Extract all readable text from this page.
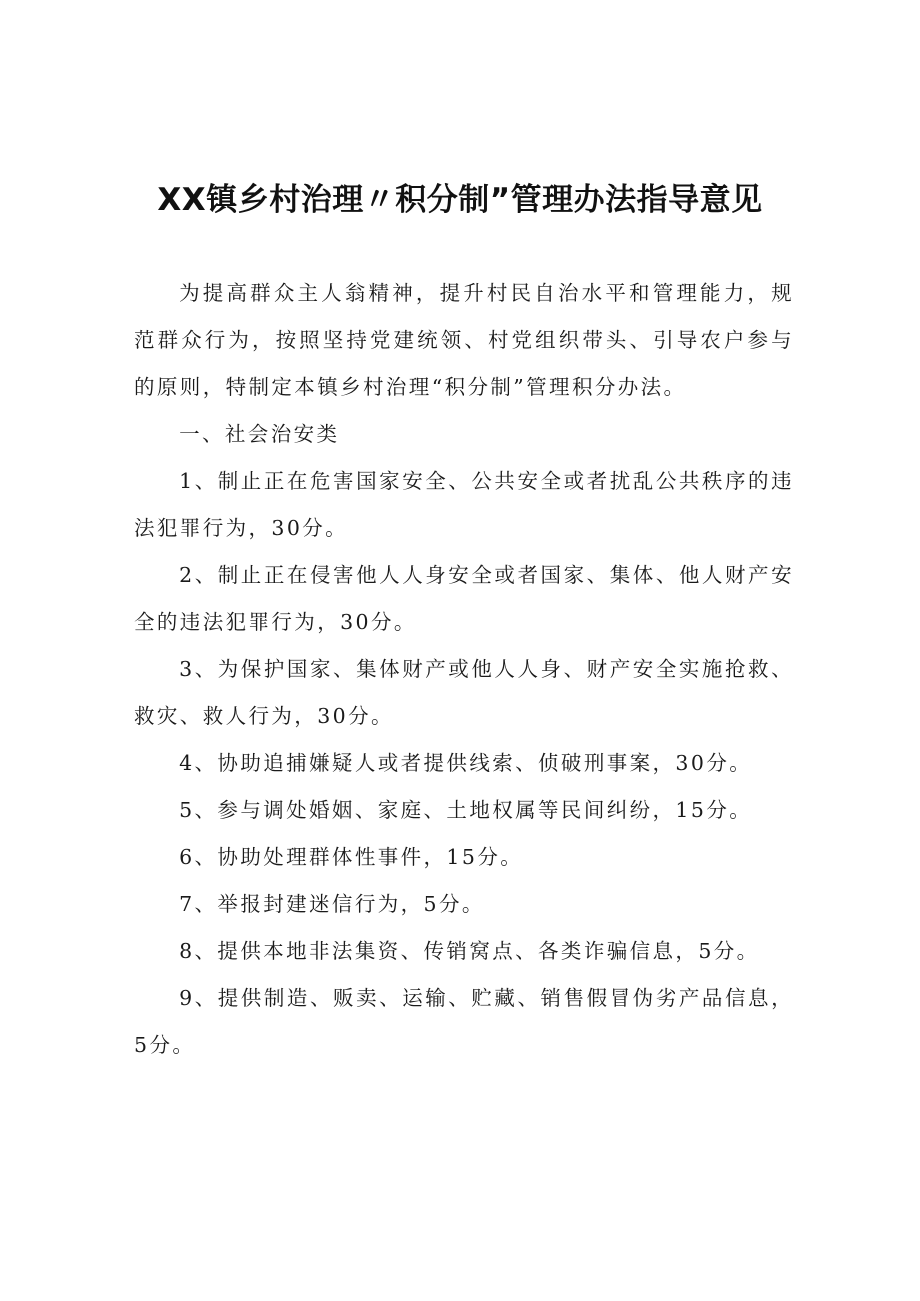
XX镇乡村治理〃积分制”管理办法指导意见

为提高群众主人翁精神，提升村民自治水平和管理能力，规范群众行为，按照坚持党建统领、村党组织带头、引导农户参与的原则，特制定本镇乡村治理“积分制”管理积分办法。

一、社会治安类

1、制止正在危害国家安全、公共安全或者扰乱公共秩序的违法犯罪行为，30分。

2、制止正在侵害他人人身安全或者国家、集体、他人财产安全的违法犯罪行为，30分。

3、为保护国家、集体财产或他人人身、财产安全实施抢救、救灾、救人行为，30分。

4、协助追捕嫌疑人或者提供线索、侦破刑事案，30分。

5、参与调处婚姻、家庭、土地权属等民间纠纷，15分。

6、协助处理群体性事件，15分。

7、举报封建迷信行为，5分。

8、提供本地非法集资、传销窝点、各类诈骗信息，5分。

9、提供制造、贩卖、运输、贮藏、销售假冒伪劣产品信息，5分。
